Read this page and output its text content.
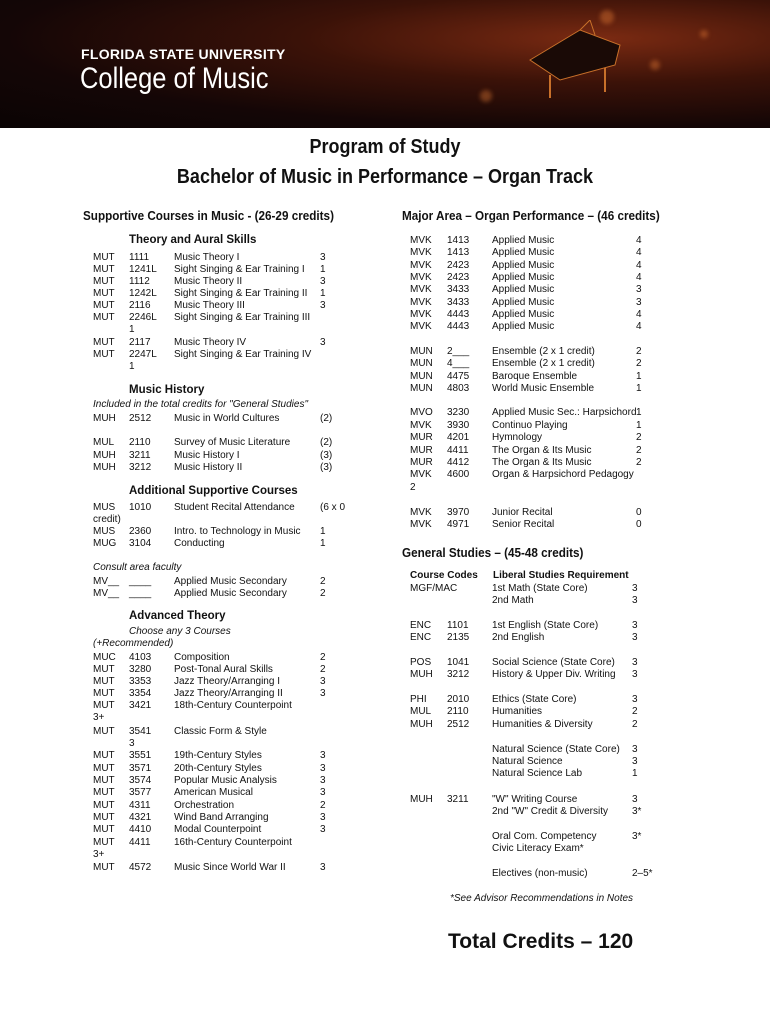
FLORIDA STATE UNIVERSITY
College of Music
Program of Study
Bachelor of Music in Performance – Organ Track
Supportive Courses in Music - (26-29 credits)
Theory and Aural Skills
Music History
Included in the total credits for "General Studies"
Additional Supportive Courses
Consult area faculty
Advanced Theory
Choose any 3 Courses
(+Recommended)
MUT 1111 Music Theory I	3
MUT 1241L Sight Singing & Ear Training I 1
MUT 1112 Music Theory II	3
MUT 1242L Sight Singing & Ear Training II 1
MUT 2116 Music Theory III	3
MUT 2246L Sight Singing & Ear Training III
1
MUT 2117 Music Theory IV	3
MUT 2247L Sight Singing & Ear Training IV
1
MUH 2512 Music in World Cultures	(2)
MUL 2110 Survey of Music Literature	(2)
MUH 3211 Music History I	(3)
MUH 3212 Music History II	(3)
MUS 1010 Student Recital Attendance	(6 x 0
credit)
MUS 2360 Intro. to Technology in Music 1
MUG 3104 Conducting	1
MV__ ____ Applied Music Secondary	2
MV__ ____ Applied Music Secondary	2
MUC 4103 Composition	2
MUT 3280 Post-Tonal Aural Skills	2
MUT 3353 Jazz Theory/Arranging I	3
MUT 3354 Jazz Theory/Arranging II	3
MUT 3421 18th-Century Counterpoint
3+
MUT 3541 Classic Form & Style
3
MUT 3551 19th-Century Styles	3
MUT 3571 20th-Century Styles	3
MUT 3574 Popular Music Analysis	3
MUT 3577 American Musical	3
MUT 4311 Orchestration	2
MUT 4321 Wind Band Arranging	3
MUT 4410 Modal Counterpoint	3
MUT 4411 16th-Century Counterpoint
3+
MUT 4572 Music Since World War II	3
Major Area – Organ Performance – (46 credits)
MVK 1413 Applied Music	4
MVK 1413 Applied Music	4
MVK 2423 Applied Music	4
MVK 2423 Applied Music	4
MVK 3433 Applied Music	3
MVK 3433 Applied Music	3
MVK 4443 Applied Music	4
MVK 4443 Applied Music	4
MUN 2___ Ensemble (2 x 1 credit)	2
MUN 4___ Ensemble (2 x 1 credit)	2
MUN 4475 Baroque Ensemble	1
MUN 4803 World Music Ensemble	1
MVO 3230 Applied Music Sec.: Harpsichord 1
MVK 3930 Continuo Playing	1
MUR 4201 Hymnology	2
MUR 4411 The Organ & Its Music	2
MUR 4412 The Organ & Its Music	2
MVK 4600 Organ & Harpsichord Pedagogy
2
MVK 3970 Junior Recital	0
MVK 4971 Senior Recital	0
General Studies – (45-48 credits)
Course Codes Liberal Studies Requirement
MGF/MAC	1st Math (State Core)	3
2nd Math	3
ENC 1101 1st English (State Core)	3
ENC 2135 2nd English	3
POS 1041 Social Science (State Core) 3
MUH 3212 History & Upper Div. Writing 3
PHI 2010 Ethics (State Core)	3
MUL 2110 Humanities	2
MUH 2512 Humanities & Diversity	2
Natural Science (State Core) 3
Natural Science	3
Natural Science Lab	1
MUH 3211 "W" Writing Course	3
2nd "W" Credit & Diversity 3*
Oral Com. Competency	3*
Civic Literacy Exam*
Electives (non-music)	2–5*
*See Advisor Recommendations in Notes
Total Credits – 120
